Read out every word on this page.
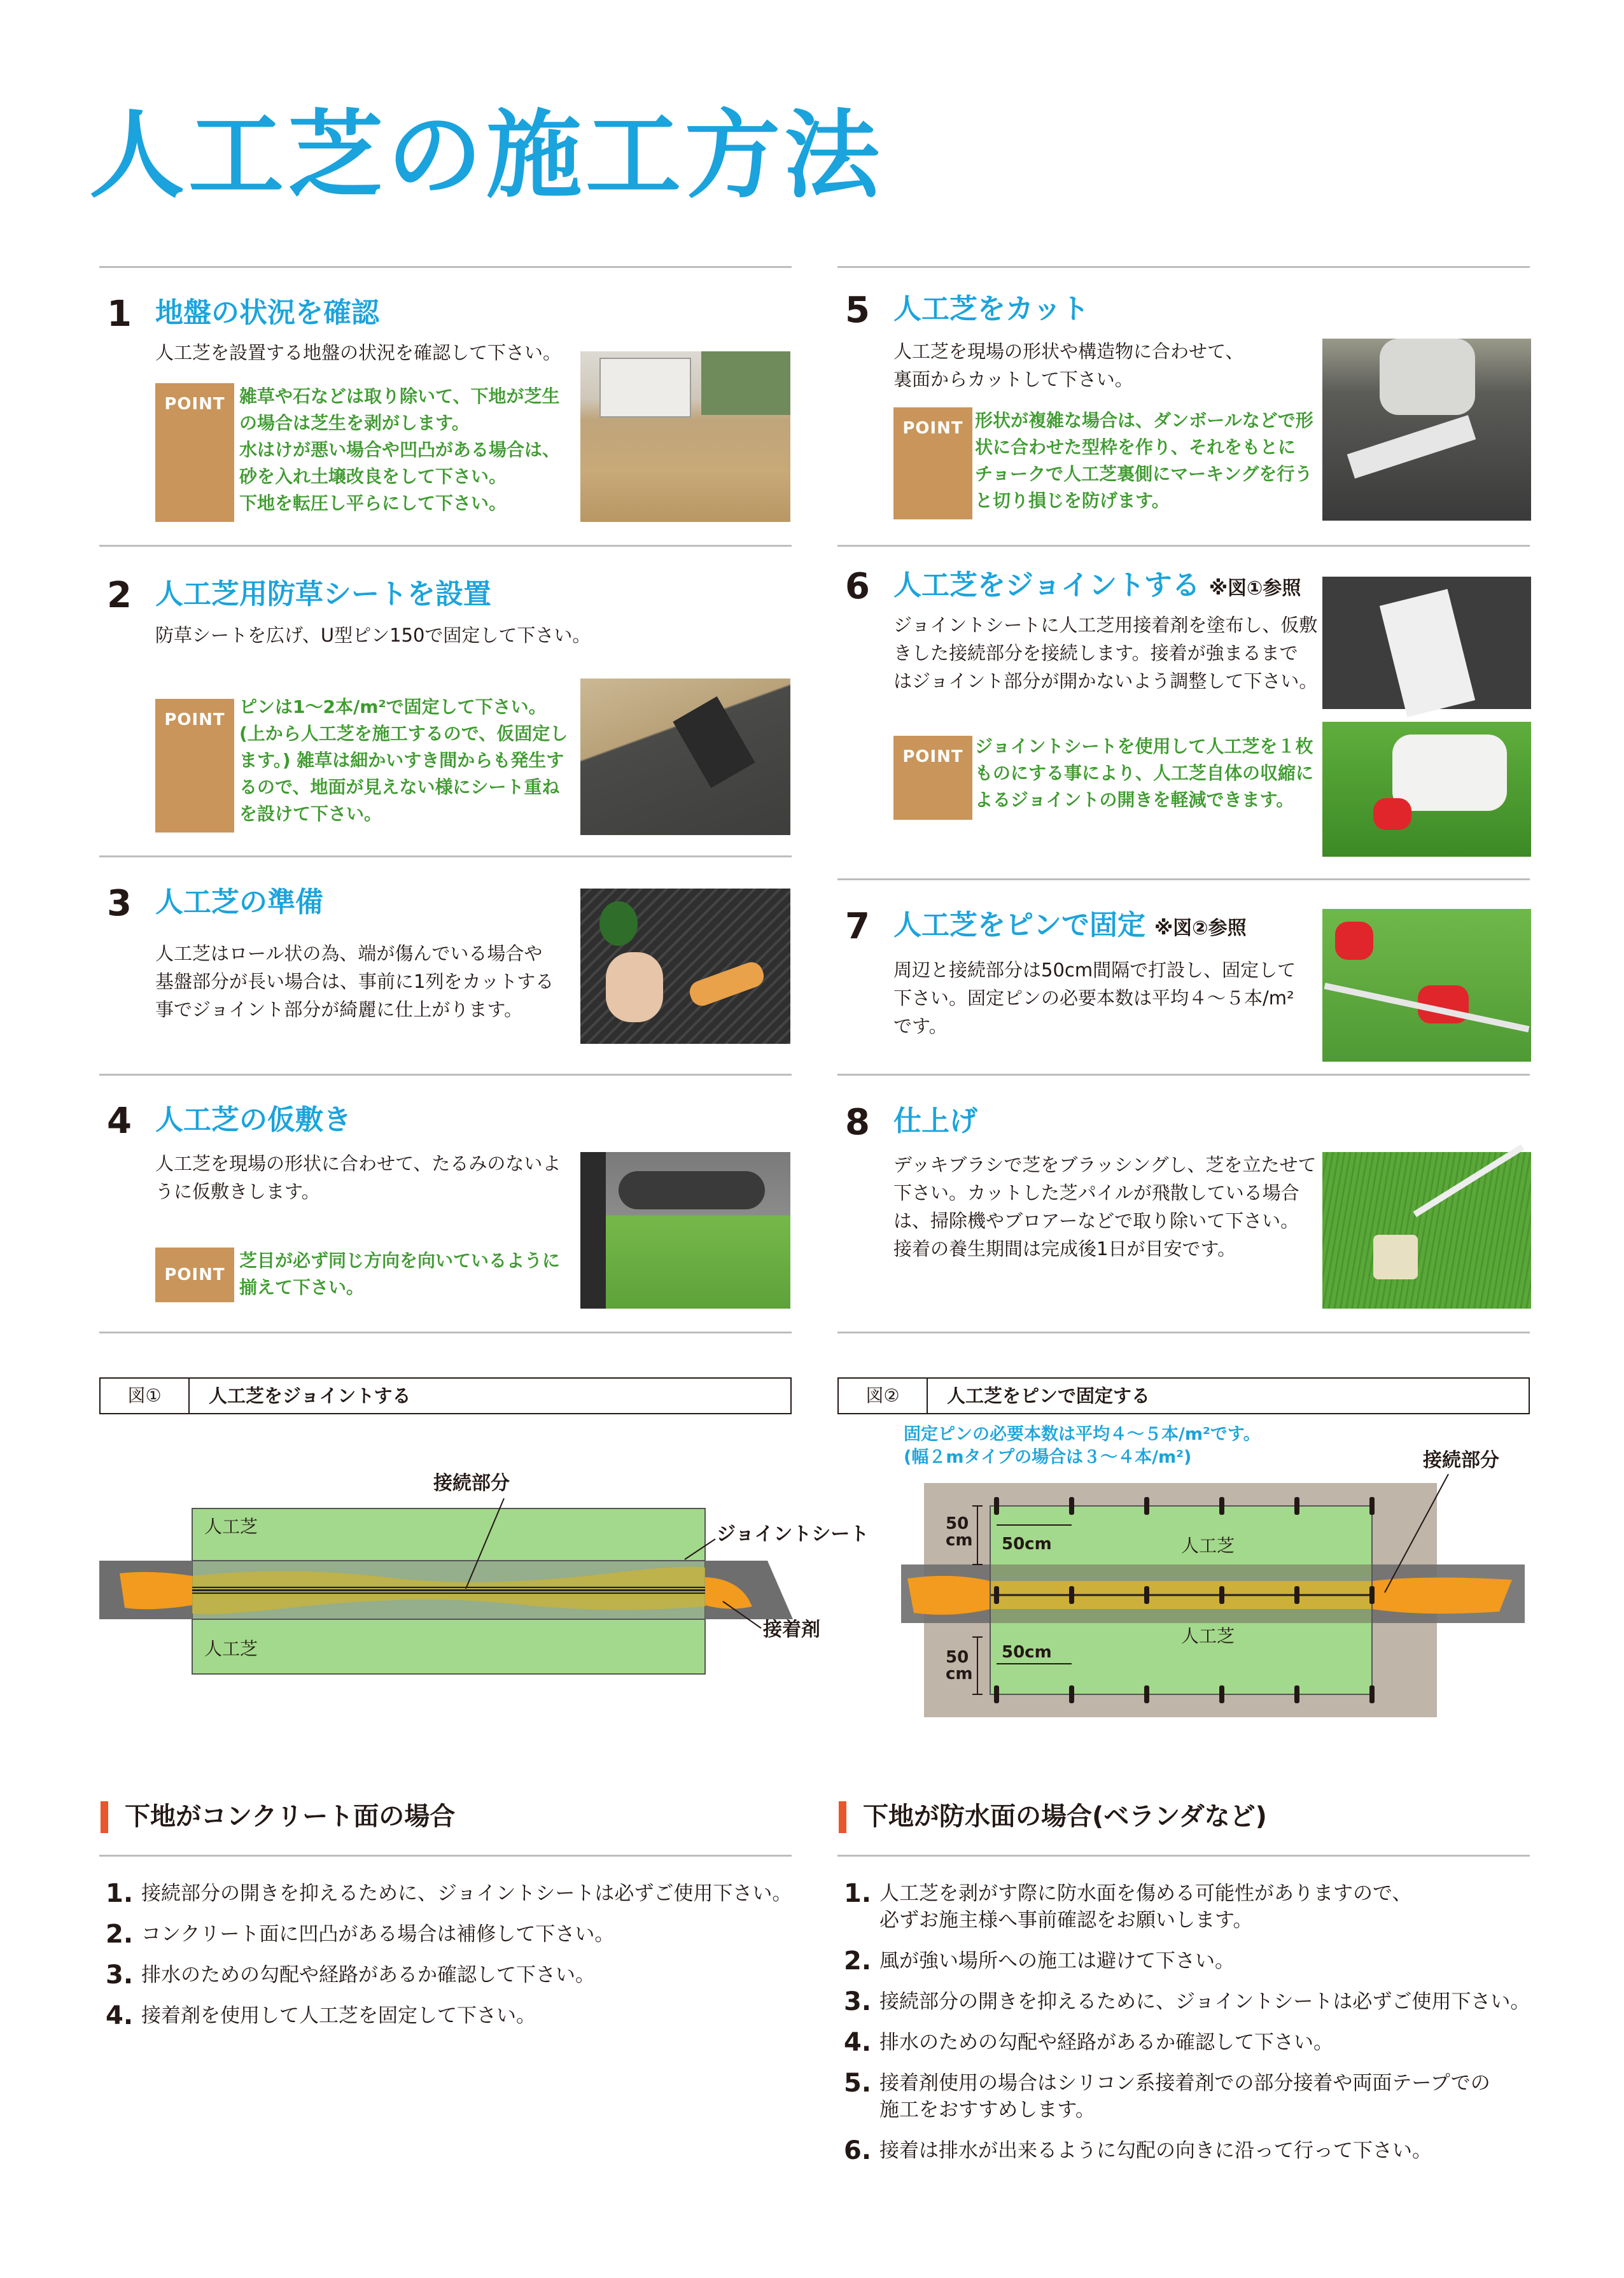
人工芝の施工方法
1 地盤の状況を確認
人工芝を設置する地盤の状況を確認して下さい。
POINT 雑草や石などは取り除いて、下地が芝生
の場合は芝生を剥がします。
水はけが悪い場合や凹凸がある場合は、
砂を入れ土壌改良をして下さい。
下地を転圧し平らにして下さい。
2 人工芝用防草シートを設置
防草シートを広げ、U型ピン150で固定して下さい。
POINT
ピンは1〜2本/m²で固定して下さい。
(上から人工芝を施工するので、仮固定し
ます。) 雑草は細かいすき間からも発生す
るので、地面が見えない様にシート重ね
を設けて下さい。
3 人工芝の準備
人工芝はロール状の為、端が傷んでいる場合や
基盤部分が長い場合は、事前に1列をカットする
事でジョイント部分が綺麗に仕上がります。
4 人工芝の仮敷き
人工芝を現場の形状に合わせて、たるみのないよ
うに仮敷きします。
POINT
芝目が必ず同じ方向を向いているように
揃えて下さい。
5 人工芝をカット
人工芝を現場の形状や構造物に合わせて、
裏面からカットして下さい。
POINT 形状が複雑な場合は、ダンボールなどで形
状に合わせた型枠を作り、それをもとに
チョークで人工芝裏側にマーキングを行う
と切り損じを防げます。
6 人工芝をジョイントする ※図①参照
ジョイントシートに人工芝用接着剤を塗布し、仮敷
きした接続部分を接続します。接着が強まるまで
はジョイント部分が開かないよう調整して下さい。
POINT ジョイントシートを使用して人工芝を１枚
ものにする事により、人工芝自体の収縮に
よるジョイントの開きを軽減できます。
7 人工芝をピンで固定 ※図②参照
周辺と接続部分は50cm間隔で打設し、固定して
下さい。固定ピンの必要本数は平均４〜５本/m²
です。
8 仕上げ
デッキブラシで芝をブラッシングし、芝を立たせて
下さい。カットした芝パイルが飛散している場合
は、掃除機やブロアーなどで取り除いて下さい。
接着の養生期間は完成後1日が目安です。
図①	人工芝をジョイントする
人工芝
人工芝
接続部分
ジョイントシート
接着剤
図②	人工芝をピンで固定する
固定ピンの必要本数は平均４〜５本/m²です。
(幅２mタイプの場合は３〜４本/m²)
50
cm 50cm
50
cm
50cm
人工芝
人工芝
接続部分
下地がコンクリート面の場合
1. 接続部分の開きを抑えるために、ジョイントシートは必ずご使用下さい。
2. コンクリート面に凹凸がある場合は補修して下さい。
3. 排水のための勾配や経路があるか確認して下さい。
4. 接着剤を使用して人工芝を固定して下さい。
下地が防水面の場合(ベランダなど)
1. 人工芝を剥がす際に防水面を傷める可能性がありますので、
必ずお施主様へ事前確認をお願いします。
2. 風が強い場所への施工は避けて下さい。
3. 接続部分の開きを抑えるために、ジョイントシートは必ずご使用下さい。
4. 排水のための勾配や経路があるか確認して下さい。
5. 接着剤使用の場合はシリコン系接着剤での部分接着や両面テープでの
施工をおすすめします。
6. 接着は排水が出来るように勾配の向きに沿って行って下さい。
